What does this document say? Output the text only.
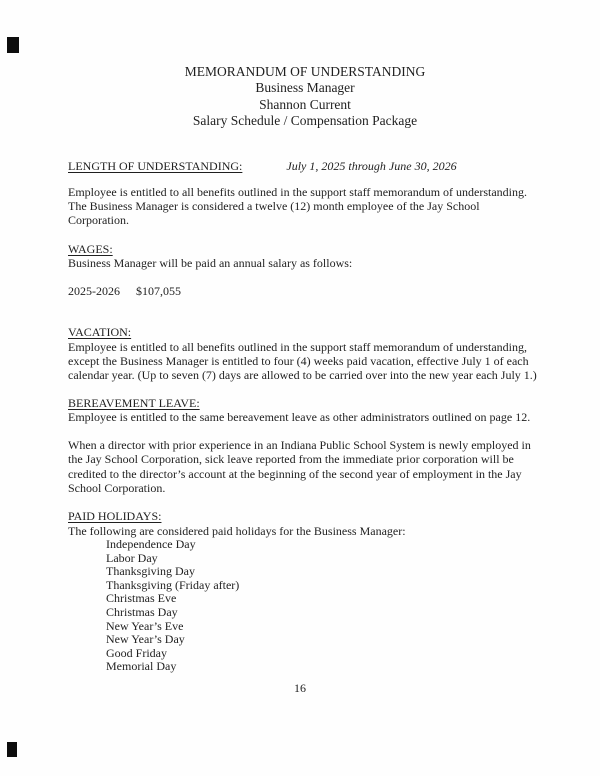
MEMORANDUM OF UNDERSTANDING
Business Manager
Shannon Current
Salary Schedule / Compensation Package
LENGTH OF UNDERSTANDING:	July 1, 2025 through June 30, 2026
Employee is entitled to all benefits outlined in the support staff memorandum of understanding. The Business Manager is considered a twelve (12) month employee of the Jay School Corporation.
WAGES:
Business Manager will be paid an annual salary as follows:
2025-2026 $107,055
VACATION:
Employee is entitled to all benefits outlined in the support staff memorandum of understanding, except the Business Manager is entitled to four (4) weeks paid vacation, effective July 1 of each calendar year. (Up to seven (7) days are allowed to be carried over into the new year each July 1.)
BEREAVEMENT LEAVE:
Employee is entitled to the same bereavement leave as other administrators outlined on page 12.
When a director with prior experience in an Indiana Public School System is newly employed in the Jay School Corporation, sick leave reported from the immediate prior corporation will be credited to the director’s account at the beginning of the second year of employment in the Jay School Corporation.
PAID HOLIDAYS:
The following are considered paid holidays for the Business Manager:
Independence Day
Labor Day
Thanksgiving Day
Thanksgiving (Friday after)
Christmas Eve
Christmas Day
New Year’s Eve
New Year’s Day
Good Friday
Memorial Day
16
